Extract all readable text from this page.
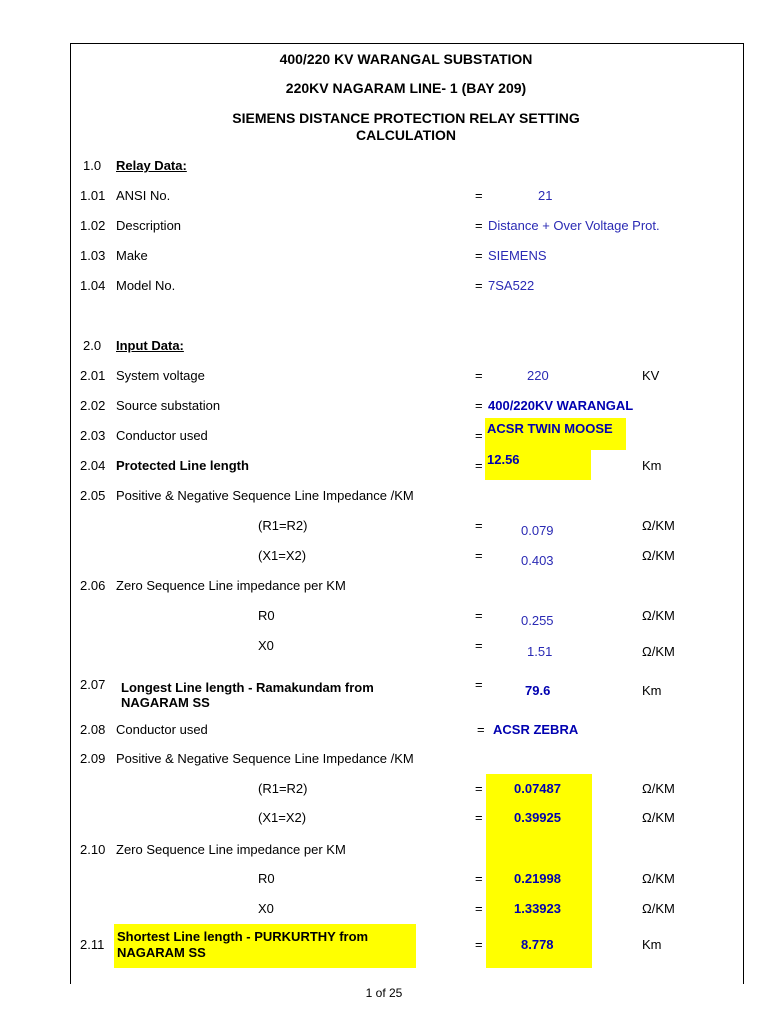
400/220 KV WARANGAL SUBSTATION
220KV NAGARAM LINE- 1 (BAY 209)
SIEMENS DISTANCE PROTECTION RELAY SETTING
CALCULATION
1.0 Relay Data:
1.01 ANSI No.	=	21
1.02 Description	= Distance + Over Voltage Prot.
1.03 Make	= SIEMENS
1.04 Model No.	= 7SA522
2.0 Input Data:
2.01 System voltage	=	220	KV
2.02 Source substation	= 400/220KV WARANGAL
2.03 Conductor used	= ACSR TWIN MOOSE
2.04 Protected Line length	= 12.56	Km
2.05 Positive & Negative Sequence Line Impedance /KM
(R1=R2)	=	0.079	Ω/KM
(X1=X2)	=	0.403	Ω/KM
2.06 Zero Sequence Line impedance per KM
R0	=	0.255	Ω/KM
X0	=	1.51	Ω/KM
2.07 Longest Line length - Ramakundam from
NAGARAM SS
=	79.6	Km
2.08 Conductor used	= ACSR ZEBRA
2.09 Positive & Negative Sequence Line Impedance /KM
(R1=R2)	= 0.07487	Ω/KM
(X1=X2)	= 0.39925	Ω/KM
2.10 Zero Sequence Line impedance per KM
R0	= 0.21998	Ω/KM
X0	= 1.33923	Ω/KM
2.11
Shortest Line length - PURKURTHY from
NAGARAM SS
=	8.778	Km
1 of 25
